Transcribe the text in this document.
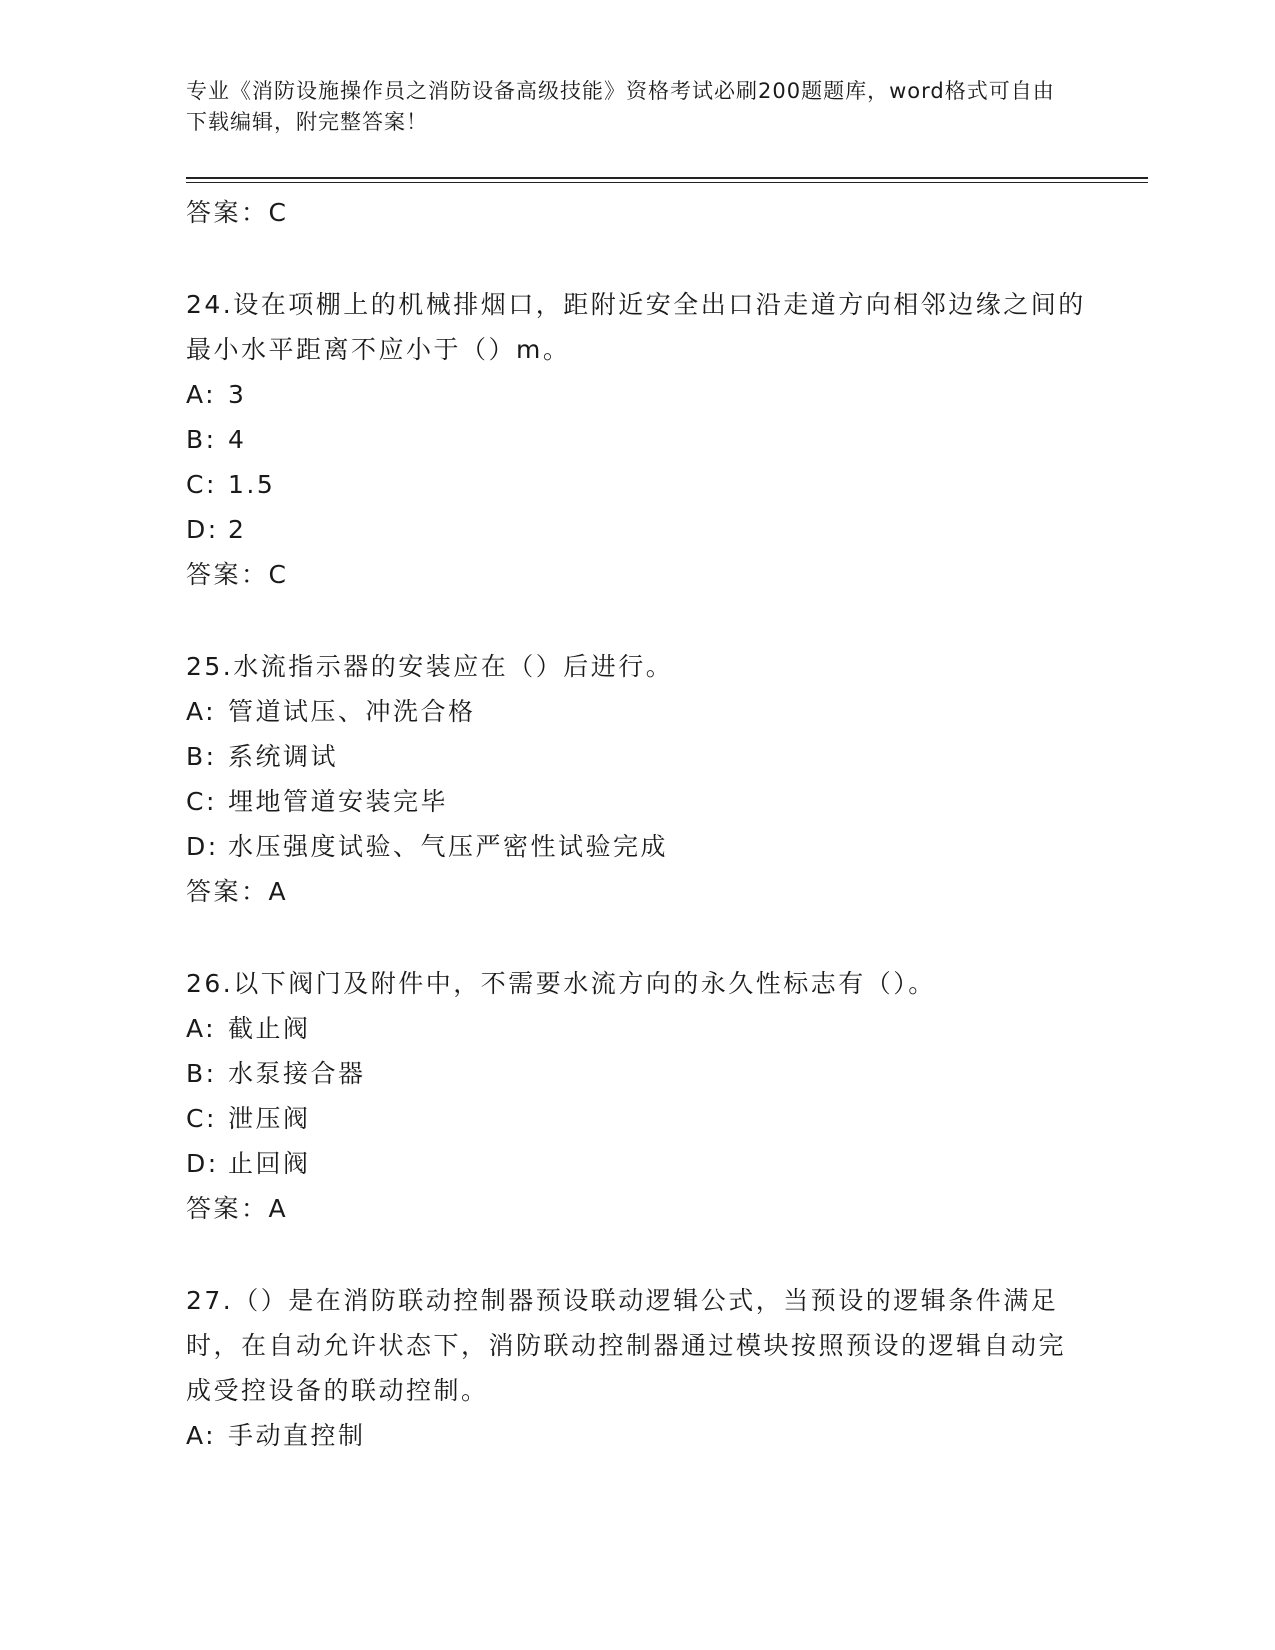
专业《消防设施操作员之消防设备高级技能》资格考试必刷200题题库，word格式可自由下载编辑，附完整答案！
答案：C

24.设在项棚上的机械排烟口，距附近安全出口沿走道方向相邻边缘之间的最小水平距离不应小于（）m。

A: 3
B: 4
C: 1.5
D: 2
答案：C

25.水流指示器的安装应在（）后进行。

A: 管道试压、冲洗合格
B: 系统调试
C: 埋地管道安装完毕
D: 水压强度试验、气压严密性试验完成
答案：A

26.以下阀门及附件中，不需要水流方向的永久性标志有（）。

A: 截止阀
B: 水泵接合器
C: 泄压阀
D: 止回阀
答案：A

27.（）是在消防联动控制器预设联动逻辑公式，当预设的逻辑条件满足时，在自动允许状态下，消防联动控制器通过模块按照预设的逻辑自动完成受控设备的联动控制。

A: 手动直控制
